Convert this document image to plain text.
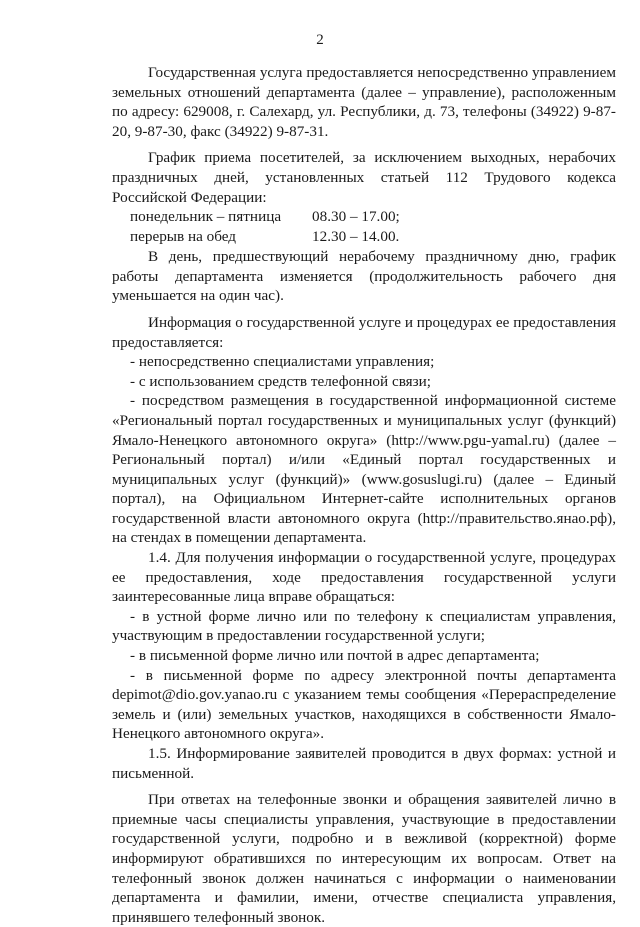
2

Государственная услуга предоставляется непосредственно управлением земельных отношений департамента (далее – управление), расположенным по адресу: 629008, г. Салехард, ул. Республики, д. 73, телефоны (34922) 9-87-20, 9-87-30, факс (34922) 9-87-31.

График приема посетителей, за исключением выходных, нерабочих праздничных дней, установленных статьей 112 Трудового кодекса Российской Федерации:

понедельник – пятница	08.30 – 17.00;
перерыв на обед	12.30 – 14.00.

В день, предшествующий нерабочему праздничному дню, график работы департамента изменяется (продолжительность рабочего дня уменьшается на один час).

Информация о государственной услуге и процедурах ее предоставления предоставляется:

- непосредственно специалистами управления;

- с использованием средств телефонной связи;

- посредством размещения в государственной информационной системе «Региональный портал государственных и муниципальных услуг (функций) Ямало-Ненецкого автономного округа» (http://www.pgu-yamal.ru) (далее – Региональный портал) и/или «Единый портал государственных и муниципальных услуг (функций)» (www.gosuslugi.ru) (далее – Единый портал), на Официальном Интернет-сайте исполнительных органов государственной власти автономного округа (http://правительство.янао.рф), на стендах в помещении департамента.

1.4. Для получения информации о государственной услуге, процедурах ее предоставления, ходе предоставления государственной услуги заинтересованные лица вправе обращаться:

- в устной форме лично или по телефону к специалистам управления, участвующим в предоставлении государственной услуги;

- в письменной форме лично или почтой в адрес департамента;

- в письменной форме по адресу электронной почты департамента depimot@dio.gov.yanao.ru с указанием темы сообщения «Перераспределение земель и (или) земельных участков, находящихся в собственности Ямало-Ненецкого автономного округа».

1.5. Информирование заявителей проводится в двух формах: устной и письменной.

При ответах на телефонные звонки и обращения заявителей лично в приемные часы специалисты управления, участвующие в предоставлении государственной услуги, подробно и в вежливой (корректной) форме информируют обратившихся по интересующим их вопросам. Ответ на телефонный звонок должен начинаться с информации о наименовании департамента и фамилии, имени, отчестве специалиста управления, принявшего телефонный звонок.
